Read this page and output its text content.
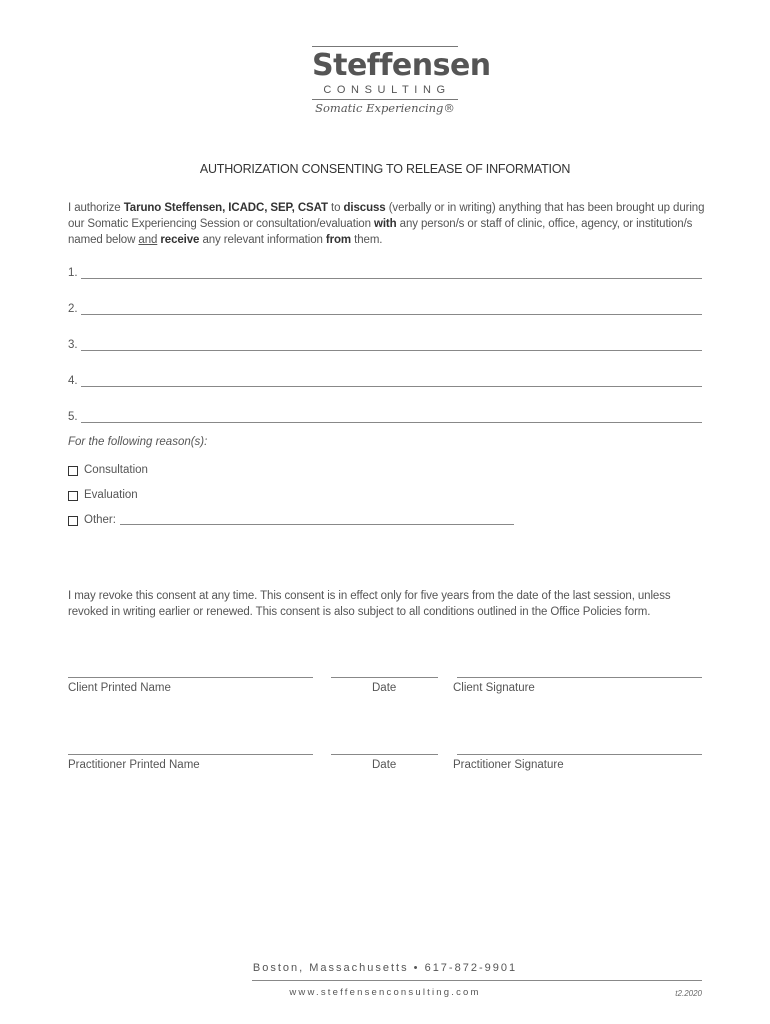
Steffensen
CONSULTING
Somatic Experiencing®
AUTHORIZATION CONSENTING TO RELEASE OF INFORMATION
I authorize Taruno Steffensen, ICADC, SEP, CSAT to discuss (verbally or in writing) anything that has been brought up during our Somatic Experiencing Session or consultation/evaluation with any person/s or staff of clinic, office, agency, or institution/s named below and receive any relevant information from them.
1.
2.
3.
4.
5.
For the following reason(s):
Consultation
Evaluation
Other:
I may revoke this consent at any time. This consent is in effect only for five years from the date of the last session, unless revoked in writing earlier or renewed. This consent is also subject to all conditions outlined in the Office Policies form.
Client Printed Name	Date	Client Signature
Practitioner Printed Name	Date	Practitioner Signature
Boston, Massachusetts • 617-872-9901
www.steffensenconsulting.com	t2.2020
